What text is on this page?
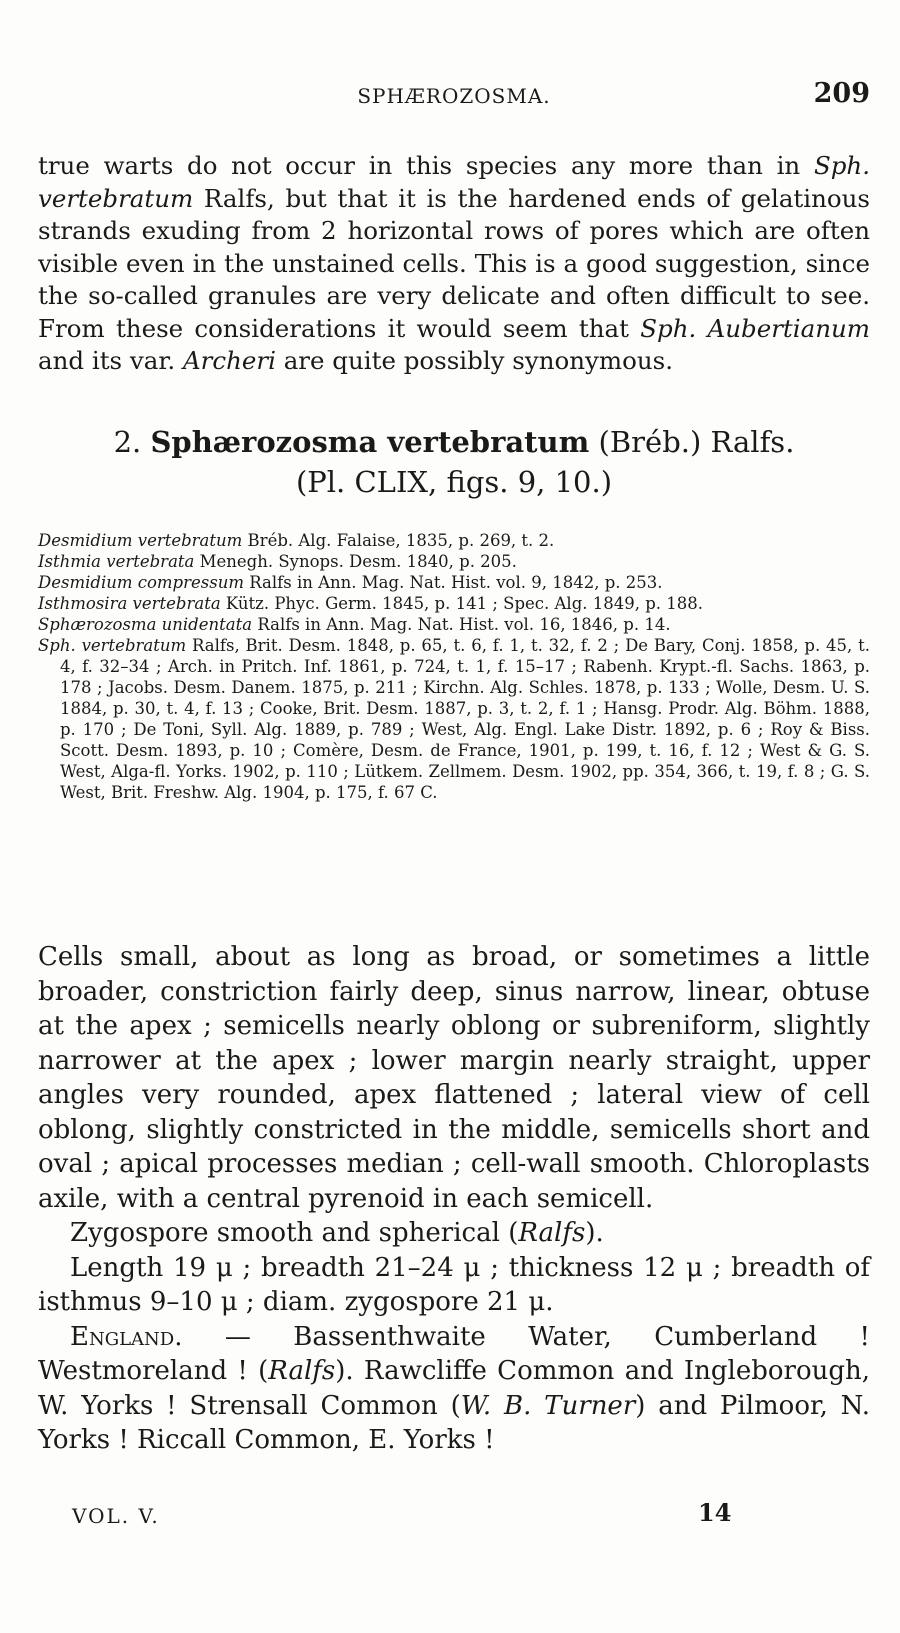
SPHÆROZOSMA.	209

true warts do not occur in this species any more than in Sph. vertebratum Ralfs, but that it is the hardened ends of gelatinous strands exuding from 2 horizontal rows of pores which are often visible even in the unstained cells. This is a good suggestion, since the so-called granules are very delicate and often difficult to see. From these considerations it would seem that Sph. Aubertianum and its var. Archeri are quite possibly synonymous.

2. Sphærozosma vertebratum (Bréb.) Ralfs.
(Pl. CLIX, figs. 9, 10.)

Desmidium vertebratum Bréb. Alg. Falaise, 1835, p. 269, t. 2.

Isthmia vertebrata Menegh. Synops. Desm. 1840, p. 205.

Desmidium compressum Ralfs in Ann. Mag. Nat. Hist. vol. 9, 1842, p. 253.

Isthmosira vertebrata Kütz. Phyc. Germ. 1845, p. 141 ; Spec. Alg. 1849, p. 188.

Sphærozosma unidentata Ralfs in Ann. Mag. Nat. Hist. vol. 16, 1846, p. 14.

Sph. vertebratum Ralfs, Brit. Desm. 1848, p. 65, t. 6, f. 1, t. 32, f. 2 ; De Bary, Conj. 1858, p. 45, t. 4, f. 32–34 ; Arch. in Pritch. Inf. 1861, p. 724, t. 1, f. 15–17 ; Rabenh. Krypt.-fl. Sachs. 1863, p. 178 ; Jacobs. Desm. Danem. 1875, p. 211 ; Kirchn. Alg. Schles. 1878, p. 133 ; Wolle, Desm. U. S. 1884, p. 30, t. 4, f. 13 ; Cooke, Brit. Desm. 1887, p. 3, t. 2, f. 1 ; Hansg. Prodr. Alg. Böhm. 1888, p. 170 ; De Toni, Syll. Alg. 1889, p. 789 ; West, Alg. Engl. Lake Distr. 1892, p. 6 ; Roy & Biss. Scott. Desm. 1893, p. 10 ; Comère, Desm. de France, 1901, p. 199, t. 16, f. 12 ; West & G. S. West, Alga-fl. Yorks. 1902, p. 110 ; Lütkem. Zellmem. Desm. 1902, pp. 354, 366, t. 19, f. 8 ; G. S. West, Brit. Freshw. Alg. 1904, p. 175, f. 67 C.

Cells small, about as long as broad, or sometimes a little broader, constriction fairly deep, sinus narrow, linear, obtuse at the apex ; semicells nearly oblong or subreniform, slightly narrower at the apex ; lower margin nearly straight, upper angles very rounded, apex flattened ; lateral view of cell oblong, slightly constricted in the middle, semicells short and oval ; apical processes median ; cell-wall smooth. Chloroplasts axile, with a central pyrenoid in each semicell.

Zygospore smooth and spherical (Ralfs).

Length 19 μ ; breadth 21–24 μ ; thickness 12 μ ; breadth of isthmus 9–10 μ ; diam. zygospore 21 μ.

England. — Bassenthwaite Water, Cumberland ! Westmoreland ! (Ralfs). Rawcliffe Common and Ingleborough, W. Yorks ! Strensall Common (W. B. Turner) and Pilmoor, N. Yorks ! Riccall Common, E. Yorks !

VOL. V.	14
